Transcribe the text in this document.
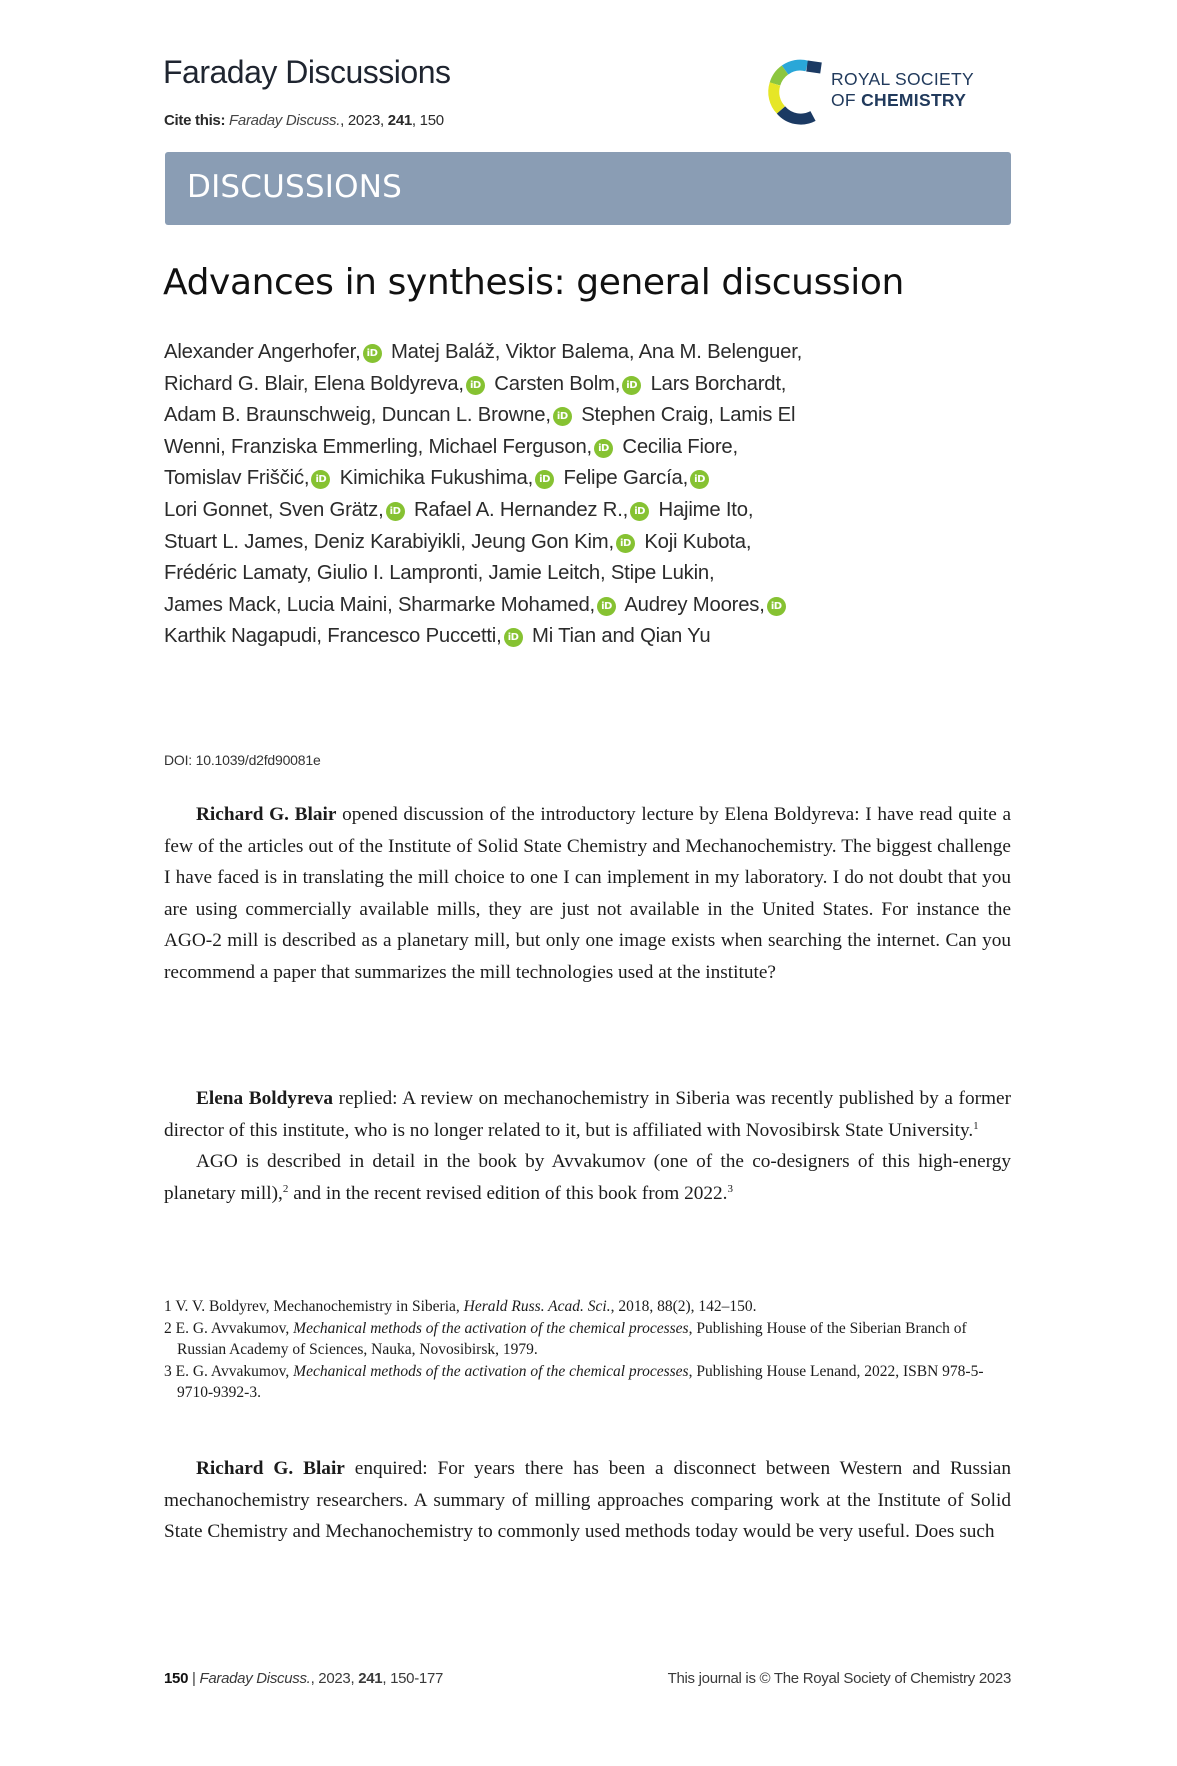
Faraday Discussions
Cite this: Faraday Discuss., 2023, 241, 150
ROYAL SOCIETY
OF CHEMISTRY
DISCUSSIONS
Advances in synthesis: general discussion
Alexander Angerhofer, iD Matej Baláž, Viktor Balema, Ana M. Belenguer,
Richard G. Blair, Elena Boldyreva, iD Carsten Bolm, iD Lars Borchardt,
Adam B. Braunschweig, Duncan L. Browne, iD Stephen Craig, Lamis El
Wenni, Franziska Emmerling, Michael Ferguson, iD Cecilia Fiore,
Tomislav Friščić, iD Kimichika Fukushima, iD Felipe García, iD
Lori Gonnet, Sven Grätz, iD Rafael A. Hernandez R., iD Hajime Ito,
Stuart L. James, Deniz Karabiyikli, Jeung Gon Kim, iD Koji Kubota,
Frédéric Lamaty, Giulio I. Lampronti, Jamie Leitch, Stipe Lukin,
James Mack, Lucia Maini, Sharmarke Mohamed, iD Audrey Moores, iD
Karthik Nagapudi, Francesco Puccetti, iD Mi Tian and Qian Yu
DOI: 10.1039/d2fd90081e

Richard G. Blair opened discussion of the introductory lecture by Elena Boldyreva: I have read quite a few of the articles out of the Institute of Solid State Chemistry and Mechanochemistry. The biggest challenge I have faced is in translating the mill choice to one I can implement in my laboratory. I do not doubt that you are using commercially available mills, they are just not available in the United States. For instance the AGO-2 mill is described as a planetary mill, but only one image exists when searching the internet. Can you recommend a paper that summarizes the mill technologies used at the institute?

Elena Boldyreva replied: A review on mechanochemistry in Siberia was recently published by a former director of this institute, who is no longer related to it, but is affiliated with Novosibirsk State University.$^1$

AGO is described in detail in the book by Avvakumov (one of the co-designers of this high-energy planetary mill),$^2$ and in the recent revised edition of this book from 2022.$^3$

1 V. V. Boldyrev, Mechanochemistry in Siberia, Herald Russ. Acad. Sci., 2018, 88(2), 142–150.
2 E. G. Avvakumov, Mechanical methods of the activation of the chemical processes, Publishing House of the Siberian Branch of Russian Academy of Sciences, Nauka, Novosibirsk, 1979.
3 E. G. Avvakumov, Mechanical methods of the activation of the chemical processes, Publishing House Lenand, 2022, ISBN 978-5-9710-9392-3.

Richard G. Blair enquired: For years there has been a disconnect between Western and Russian mechanochemistry researchers. A summary of milling approaches comparing work at the Institute of Solid State Chemistry and Mechanochemistry to commonly used methods today would be very useful. Does such

150 | Faraday Discuss., 2023, 241, 150-177	This journal is © The Royal Society of Chemistry 2023
